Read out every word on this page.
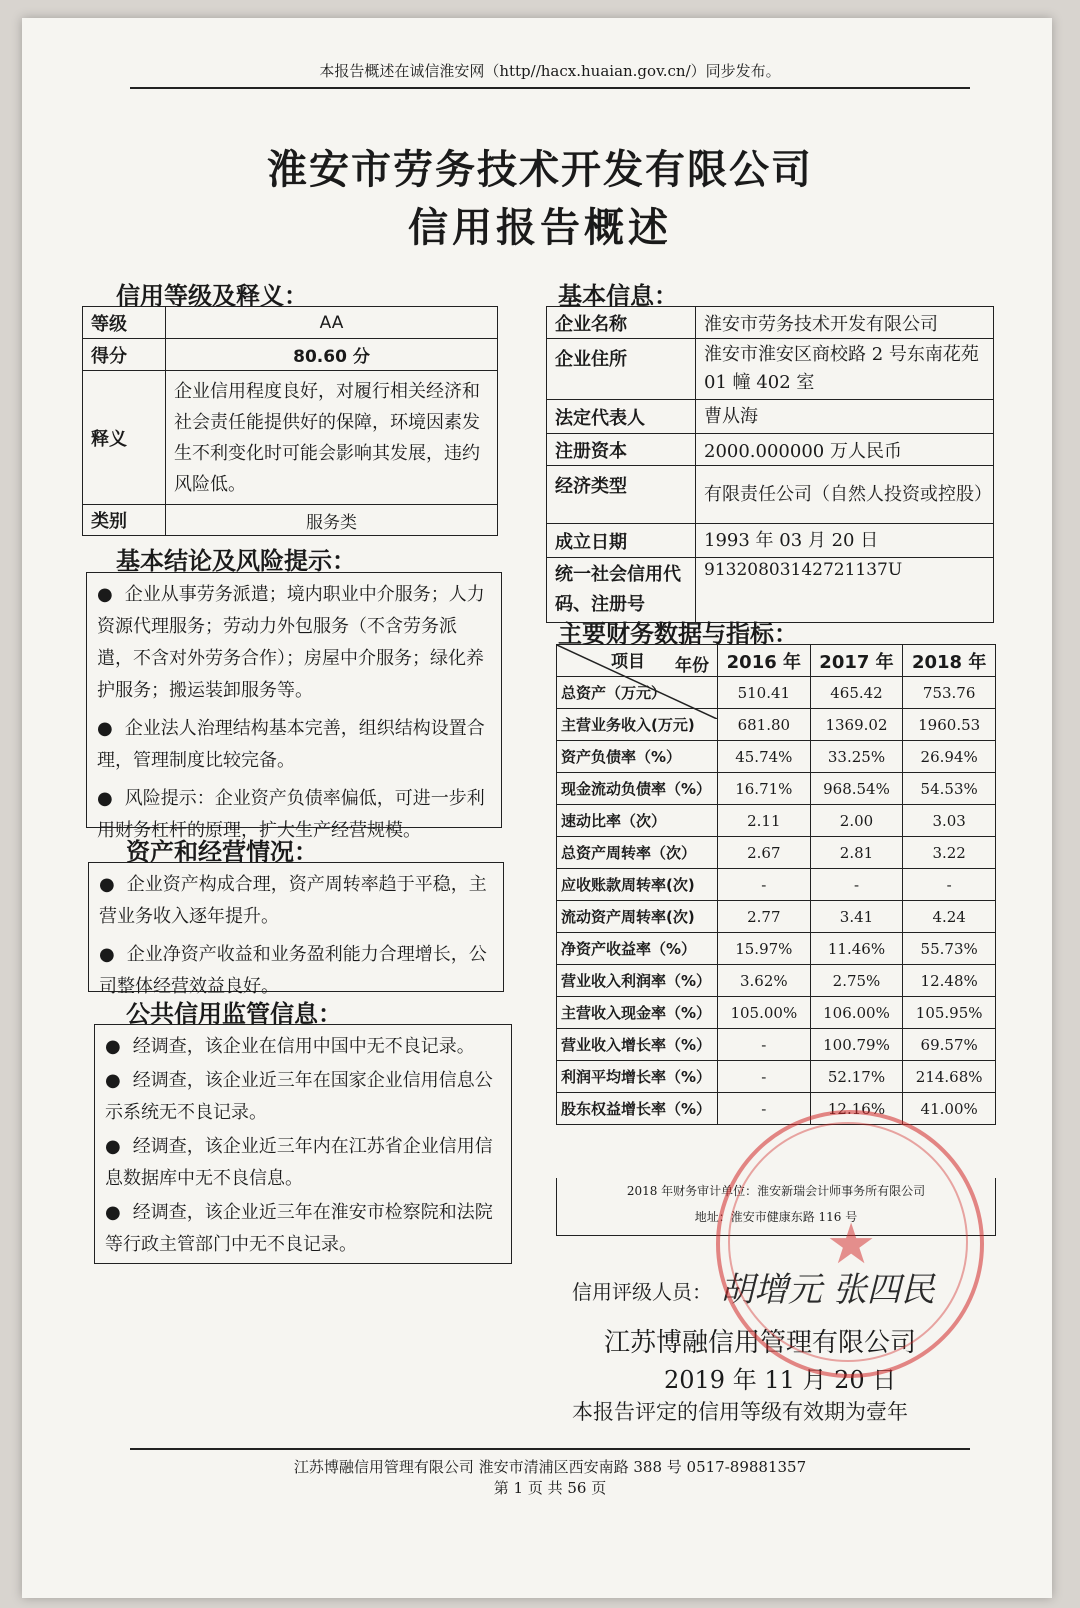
本报告概述在诚信淮安网（http//hacx.huaian.gov.cn/）同步发布。
淮安市劳务技术开发有限公司
信用报告概述
信用等级及释义：
等级	AA
得分	80.60 分
释义	企业信用程度良好，对履行相关经济和社会责任能提供好的保障，环境因素发生不利变化时可能会影响其发展，违约风险低。
类别	服务类
基本结论及风险提示：

● 企业从事劳务派遣；境内职业中介服务；人力资源代理服务；劳动力外包服务（不含劳务派遣，不含对外劳务合作）；房屋中介服务；绿化养护服务；搬运装卸服务等。

● 企业法人治理结构基本完善，组织结构设置合理，管理制度比较完备。

● 风险提示：企业资产负债率偏低，可进一步利用财务杠杆的原理，扩大生产经营规模。

资产和经营情况：

● 企业资产构成合理，资产周转率趋于平稳，主营业务收入逐年提升。

● 企业净资产收益和业务盈利能力合理增长，公司整体经营效益良好。

公共信用监管信息：

● 经调查，该企业在信用中国中无不良记录。

● 经调查，该企业近三年在国家企业信用信息公示系统无不良记录。

● 经调查，该企业近三年内在江苏省企业信用信息数据库中无不良信息。

● 经调查，该企业近三年在淮安市检察院和法院等行政主管部门中无不良记录。

基本信息：
企业名称	淮安市劳务技术开发有限公司
企业住所	淮安市淮安区商校路 2 号东南花苑 01 幢 402 室
法定代表人	曹从海
注册资本	2000.000000 万人民币
经济类型	有限责任公司（自然人投资或控股）
成立日期	1993 年 03 月 20 日
统一社会信用代码、注册号	91320803142721137U
主要财务数据与指标：
年份
项目	2016 年	2017 年	2018 年
总资产（万元）	510.41	465.42	753.76
主营业务收入(万元)	681.80	1369.02	1960.53
资产负债率（%）	45.74%	33.25%	26.94%
现金流动负债率（%）	16.71%	968.54%	54.53%
速动比率（次）	2.11	2.00	3.03
总资产周转率（次）	2.67	2.81	3.22
应收账款周转率(次)	-	-	-
流动资产周转率(次)	2.77	3.41	4.24
净资产收益率（%）	15.97%	11.46%	55.73%
营业收入利润率（%）	3.62%	2.75%	12.48%
主营收入现金率（%）	105.00%	106.00%	105.95%
营业收入增长率（%）	-	100.79%	69.57%
利润平均增长率（%）	-	52.17%	214.68%
股东权益增长率（%）	-	12.16%	41.00%
2018 年财务审计单位：淮安新瑞会计师事务所有限公司
地址：淮安市健康东路 116 号
信用评级人员： 胡增元 张四民
江苏博融信用管理有限公司
2019 年 11 月 20 日
本报告评定的信用等级有效期为壹年
★
江苏博融信用管理有限公司 淮安市清浦区西安南路 388 号 0517-89881357
第 1 页 共 56 页
